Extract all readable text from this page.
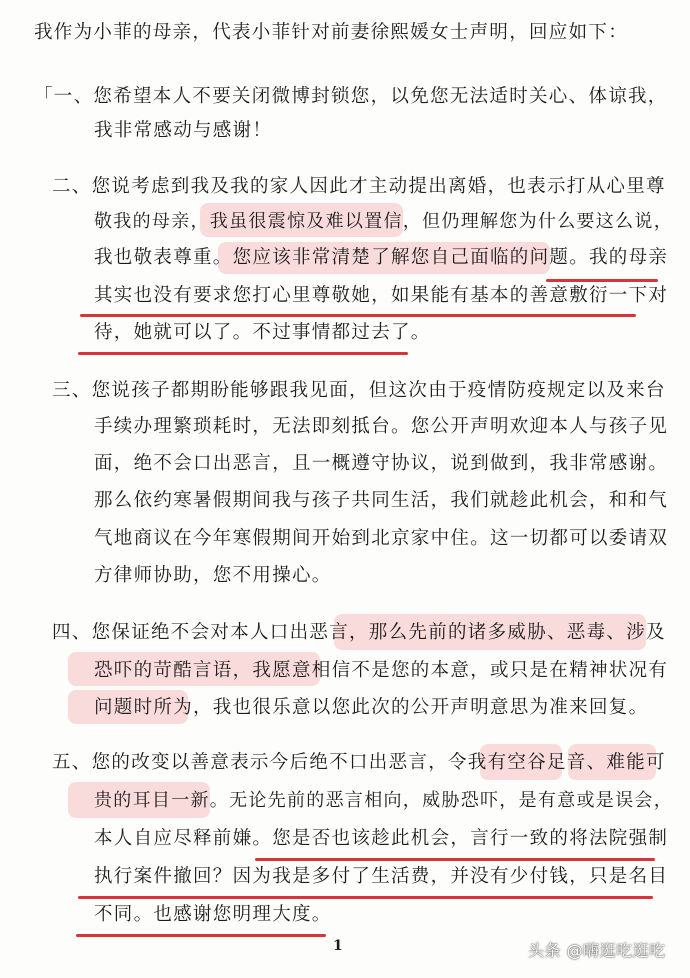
我作为小菲的母亲，代表小菲针对前妻徐熙媛女士声明，回应如下：
「一、您希望本人不要关闭微博封锁您，以免您无法适时关心、体谅我，
我非常感动与感谢！
二、您说考虑到我及我的家人因此才主动提出离婚，也表示打从心里尊
敬我的母亲，我虽很震惊及难以置信，但仍理解您为什么要这么说，
我也敬表尊重。您应该非常清楚了解您自己面临的问题。我的母亲
其实也没有要求您打心里尊敬她，如果能有基本的善意敷衍一下对
待，她就可以了。不过事情都过去了。
三、您说孩子都期盼能够跟我见面，但这次由于疫情防疫规定以及来台
手续办理繁琐耗时，无法即刻抵台。您公开声明欢迎本人与孩子见
面，绝不会口出恶言，且一概遵守协议，说到做到，我非常感谢。
那么依约寒暑假期间我与孩子共同生活，我们就趁此机会，和和气
气地商议在今年寒假期间开始到北京家中住。这一切都可以委请双
方律师协助，您不用操心。
四、您保证绝不会对本人口出恶言，那么先前的诸多威胁、恶毒、涉及
恐吓的苛酷言语，我愿意相信不是您的本意，或只是在精神状况有
问题时所为，我也很乐意以您此次的公开声明意思为准来回复。
五、您的改变以善意表示今后绝不口出恶言，令我有空谷足音、难能可
贵的耳目一新。无论先前的恶言相向，威胁恐吓，是有意或是误会，
本人自应尽释前嫌。您是否也该趁此机会，言行一致的将法院强制
执行案件撤回？因为我是多付了生活费，并没有少付钱，只是名目
不同。也感谢您明理大度。
1	头条 @嗨逛吃逛吃
